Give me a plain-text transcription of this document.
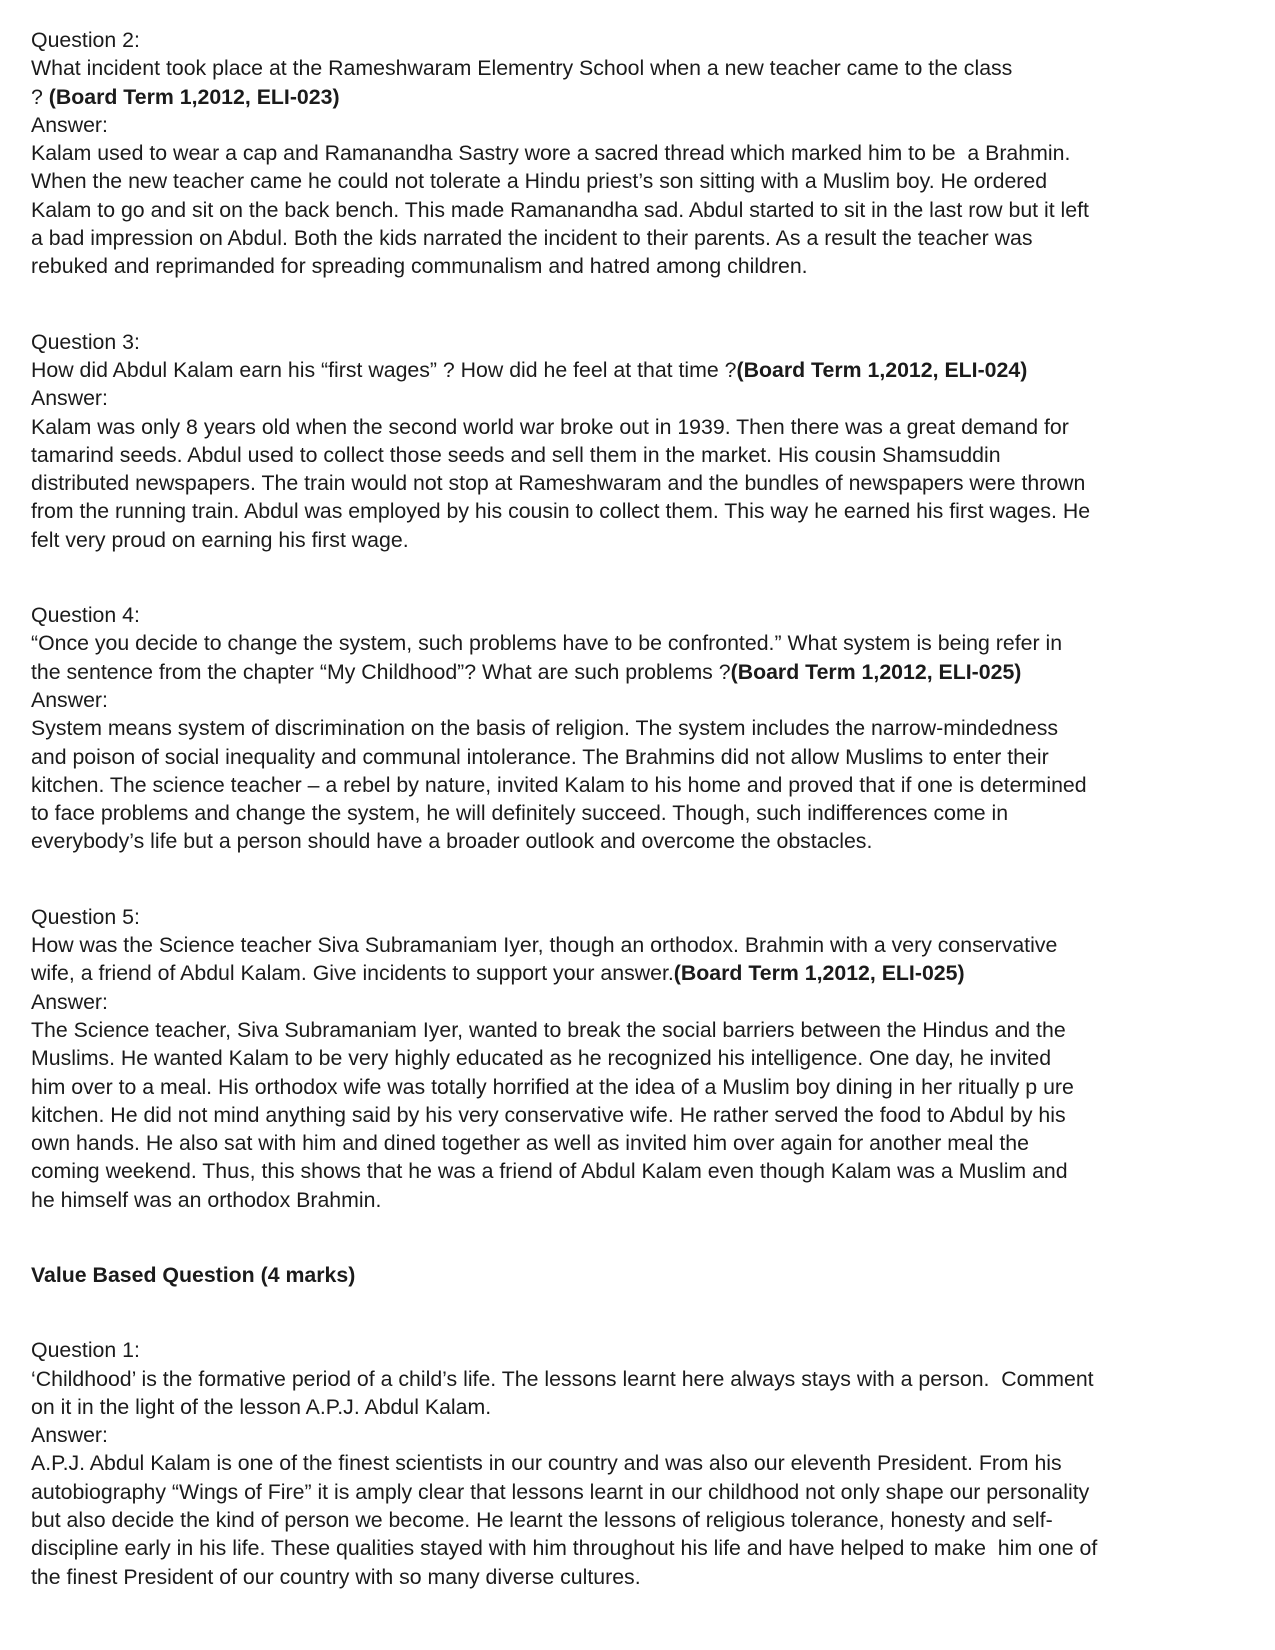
Question 2:
What incident took place at the Rameshwaram Elementry School when a new teacher came to the class
? (Board Term 1,2012, ELI-023)
Answer:
Kalam used to wear a cap and Ramanandha Sastry wore a sacred thread which marked him to be  a Brahmin.
When the new teacher came he could not tolerate a Hindu priest’s son sitting with a Muslim boy. He ordered
Kalam to go and sit on the back bench. This made Ramanandha sad. Abdul started to sit in the last row but it left
a bad impression on Abdul. Both the kids narrated the incident to their parents. As a result the teacher was
rebuked and reprimanded for spreading communalism and hatred among children.
Question 3:
How did Abdul Kalam earn his “first wages” ? How did he feel at that time ?(Board Term 1,2012, ELI-024)
Answer:
Kalam was only 8 years old when the second world war broke out in 1939. Then there was a great demand for
tamarind seeds. Abdul used to collect those seeds and sell them in the market. His cousin Shamsuddin
distributed newspapers. The train would not stop at Rameshwaram and the bundles of newspapers were thrown
from the running train. Abdul was employed by his cousin to collect them. This way he earned his first wages. He
felt very proud on earning his first wage.
Question 4:
“Once you decide to change the system, such problems have to be confronted.” What system is being refer in
the sentence from the chapter “My Childhood”? What are such problems ?(Board Term 1,2012, ELI-025)
Answer:
System means system of discrimination on the basis of religion. The system includes the narrow-mindedness
and poison of social inequality and communal intolerance. The Brahmins did not allow Muslims to enter their
kitchen. The science teacher – a rebel by nature, invited Kalam to his home and proved that if one is determined
to face problems and change the system, he will definitely succeed. Though, such indifferences come in
everybody’s life but a person should have a broader outlook and overcome the obstacles.
Question 5:
How was the Science teacher Siva Subramaniam Iyer, though an orthodox. Brahmin with a very conservative
wife, a friend of Abdul Kalam. Give incidents to support your answer.(Board Term 1,2012, ELI-025)
Answer:
The Science teacher, Siva Subramaniam Iyer, wanted to break the social barriers between the Hindus and the
Muslims. He wanted Kalam to be very highly educated as he recognized his intelligence. One day, he invited
him over to a meal. His orthodox wife was totally horrified at the idea of a Muslim boy dining in her ritually p ure
kitchen. He did not mind anything said by his very conservative wife. He rather served the food to Abdul by his
own hands. He also sat with him and dined together as well as invited him over again for another meal the
coming weekend. Thus, this shows that he was a friend of Abdul Kalam even though Kalam was a Muslim and
he himself was an orthodox Brahmin.
Value Based Question (4 marks)
Question 1:
‘Childhood’ is the formative period of a child’s life. The lessons learnt here always stays with a person.  Comment
on it in the light of the lesson A.P.J. Abdul Kalam.
Answer:
A.P.J. Abdul Kalam is one of the finest scientists in our country and was also our eleventh President. From his
autobiography “Wings of Fire” it is amply clear that lessons learnt in our childhood not only shape our personality
but also decide the kind of person we become. He learnt the lessons of religious tolerance, honesty and self-
discipline early in his life. These qualities stayed with him throughout his life and have helped to make  him one of
the finest President of our country with so many diverse cultures.
